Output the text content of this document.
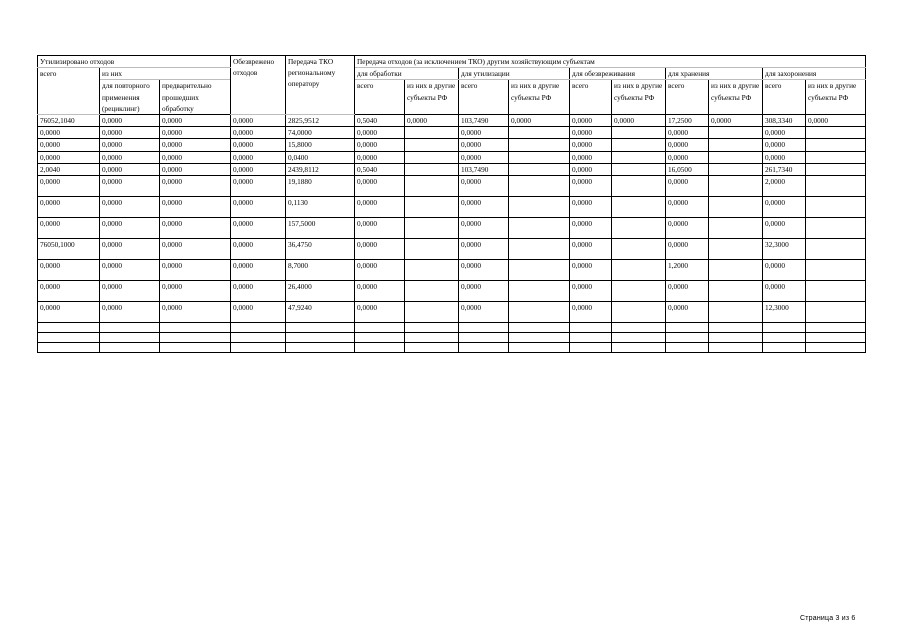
Утилизировано отходов			Обезврежено отходов	Передача ТКО региональному оператору	Передача отходов (за исключением ТКО) другим хозяйствующим субъектам									
всего	из них				для обработки		для утилизации		для обезвреживания		для хранения		для захоронения	
	для повторного применения (рециклинг)	предварительно прошедших обработку			всего	из них в другие субъекты РФ	всего	из них в другие субъекты РФ	всего	из них в другие субъекты РФ	всего	из них в другие субъекты РФ	всего	из них в другие субъекты РФ
76052,1040	0,0000	0,0000	0,0000	2825,9512	0,5040	0,0000	103,7490	0,0000	0,0000	0,0000	17,2500	0,0000	308,3340	0,0000
0,0000	0,0000	0,0000	0,0000	74,0000	0,0000		0,0000		0,0000		0,0000		0,0000	
0,0000	0,0000	0,0000	0,0000	15,8000	0,0000		0,0000		0,0000		0,0000		0,0000	
0,0000	0,0000	0,0000	0,0000	0,0400	0,0000		0,0000		0,0000		0,0000		0,0000	
2,0040	0,0000	0,0000	0,0000	2439,8112	0,5040		103,7490		0,0000		16,0500		261,7340	
0,0000	0,0000	0,0000	0,0000	19,1880	0,0000		0,0000		0,0000		0,0000		2,0000	
0,0000	0,0000	0,0000	0,0000	0,1130	0,0000		0,0000		0,0000		0,0000		0,0000	
0,0000	0,0000	0,0000	0,0000	157,5000	0,0000		0,0000		0,0000		0,0000		0,0000	
76050,1000	0,0000	0,0000	0,0000	36,4750	0,0000		0,0000		0,0000		0,0000		32,3000	
0,0000	0,0000	0,0000	0,0000	8,7000	0,0000		0,0000		0,0000		1,2000		0,0000	
0,0000	0,0000	0,0000	0,0000	26,4000	0,0000		0,0000		0,0000		0,0000		0,0000	
0,0000	0,0000	0,0000	0,0000	47,9240	0,0000		0,0000		0,0000		0,0000		12,3000	

Страница 3 из 6
